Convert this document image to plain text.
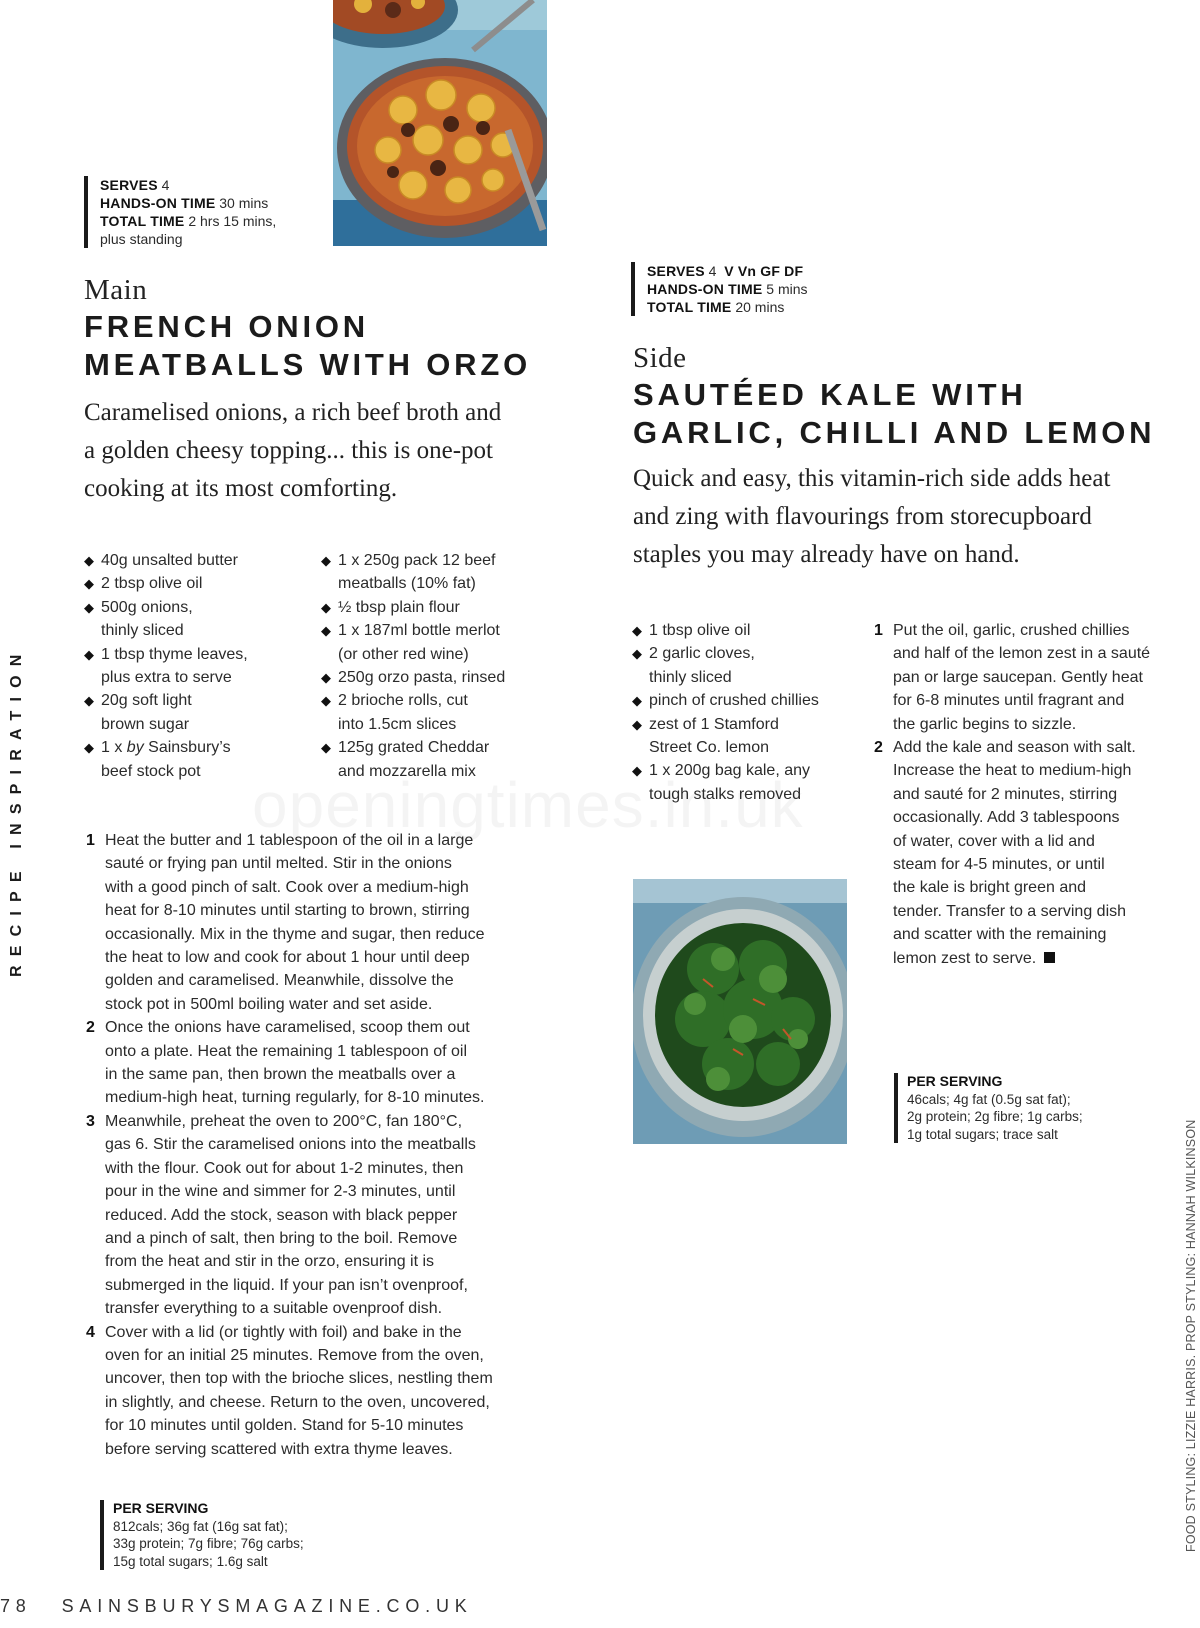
RECIPE INSPIRATION
SERVES 4
HANDS-ON TIME 30 mins
TOTAL TIME 2 hrs 15 mins,
plus standing
Main
FRENCH ONION
MEATBALLS WITH ORZO

Caramelised onions, a rich beef broth and
a golden cheesy topping... this is one-pot
cooking at its most comforting.

◆ 40g unsalted butter
◆ 2 tbsp olive oil
◆ 500g onions,
thinly sliced
◆ 1 tbsp thyme leaves,
plus extra to serve
◆ 20g soft light
brown sugar
◆ 1 x by Sainsbury’s
beef stock pot
◆ 1 x 250g pack 12 beef
meatballs (10% fat)
◆ ½ tbsp plain flour
◆ 1 x 187ml bottle merlot
(or other red wine)
◆ 250g orzo pasta, rinsed
◆ 2 brioche rolls, cut
into 1.5cm slices
◆ 125g grated Cheddar
and mozzarella mix
1 Heat the butter and 1 tablespoon of the oil in a large
sauté or frying pan until melted. Stir in the onions
with a good pinch of salt. Cook over a medium-high
heat for 8-10 minutes until starting to brown, stirring
occasionally. Mix in the thyme and sugar, then reduce
the heat to low and cook for about 1 hour until deep
golden and caramelised. Meanwhile, dissolve the
stock pot in 500ml boiling water and set aside.
2 Once the onions have caramelised, scoop them out
onto a plate. Heat the remaining 1 tablespoon of oil
in the same pan, then brown the meatballs over a
medium-high heat, turning regularly, for 8-10 minutes.
3 Meanwhile, preheat the oven to 200°C, fan 180°C,
gas 6. Stir the caramelised onions into the meatballs
with the flour. Cook out for about 1-2 minutes, then
pour in the wine and simmer for 2-3 minutes, until
reduced. Add the stock, season with black pepper
and a pinch of salt, then bring to the boil. Remove
from the heat and stir in the orzo, ensuring it is
submerged in the liquid. If your pan isn’t ovenproof,
transfer everything to a suitable ovenproof dish.
4 Cover with a lid (or tightly with foil) and bake in the
oven for an initial 25 minutes. Remove from the oven,
uncover, then top with the brioche slices, nestling them
in slightly, and cheese. Return to the oven, uncovered,
for 10 minutes until golden. Stand for 5-10 minutes
before serving scattered with extra thyme leaves.
PER SERVING
812cals; 36g fat (16g sat fat);
33g protein; 7g fibre; 76g carbs;
15g total sugars; 1.6g salt
SERVES 4 V Vn GF DF
HANDS-ON TIME 5 mins
TOTAL TIME 20 mins
Side
SAUTÉED KALE WITH
GARLIC, CHILLI AND LEMON

Quick and easy, this vitamin-rich side adds heat
and zing with flavourings from storecupboard
staples you may already have on hand.

◆ 1 tbsp olive oil
◆ 2 garlic cloves,
thinly sliced
◆ pinch of crushed chillies
◆ zest of 1 Stamford
Street Co. lemon
◆ 1 x 200g bag kale, any
tough stalks removed
1 Put the oil, garlic, crushed chillies
and half of the lemon zest in a sauté
pan or large saucepan. Gently heat
for 6-8 minutes until fragrant and
the garlic begins to sizzle.
2 Add the kale and season with salt.
Increase the heat to medium-high
and sauté for 2 minutes, stirring
occasionally. Add 3 tablespoons
of water, cover with a lid and
steam for 4-5 minutes, or until
the kale is bright green and
tender. Transfer to a serving dish
and scatter with the remaining
lemon zest to serve.
PER SERVING
46cals; 4g fat (0.5g sat fat);
2g protein; 2g fibre; 1g carbs;
1g total sugars; trace salt	FOOD STYLING: LIZZIE HARRIS. PROP STYLING: HANNAH WILKINSON
78 SAINSBURYSMAGAZINE.CO.UK
